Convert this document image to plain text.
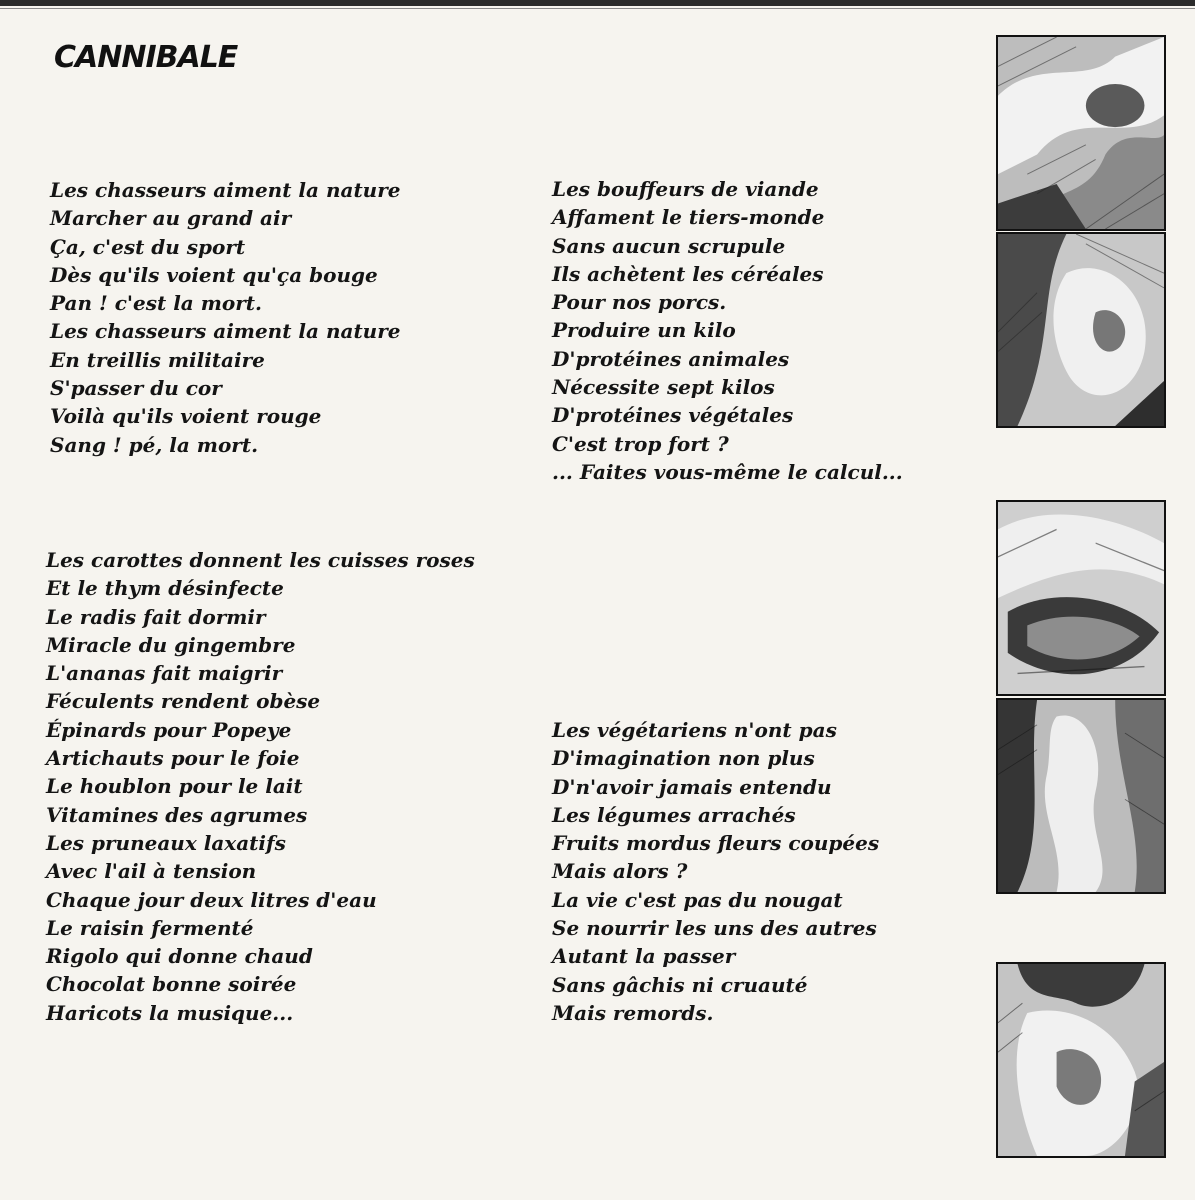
CANNIBALE
Les chasseurs aiment la nature
Marcher au grand air
Ça, c'est du sport
Dès qu'ils voient qu'ça bouge
Pan ! c'est la mort.
Les chasseurs aiment la nature
En treillis militaire
S'passer du cor
Voilà qu'ils voient rouge
Sang ! pé, la mort.
Les bouffeurs de viande
Affament le tiers-monde
Sans aucun scrupule
Ils achètent les céréales
Pour nos porcs.
Produire un kilo
D'protéines animales
Nécessite sept kilos
D'protéines végétales
C'est trop fort ?
... Faites vous-même le calcul...
Les carottes donnent les cuisses roses
Et le thym désinfecte
Le radis fait dormir
Miracle du gingembre
L'ananas fait maigrir
Féculents rendent obèse
Épinards pour Popeye
Artichauts pour le foie
Le houblon pour le lait
Vitamines des agrumes
Les pruneaux laxatifs
Avec l'ail à tension
Chaque jour deux litres d'eau
Le raisin fermenté
Rigolo qui donne chaud
Chocolat bonne soirée
Haricots la musique...
Les végétariens n'ont pas
D'imagination non plus
D'n'avoir jamais entendu
Les légumes arrachés
Fruits mordus fleurs coupées
Mais alors ?
La vie c'est pas du nougat
Se nourrir les uns des autres
Autant la passer
Sans gâchis ni cruauté
Mais remords.
